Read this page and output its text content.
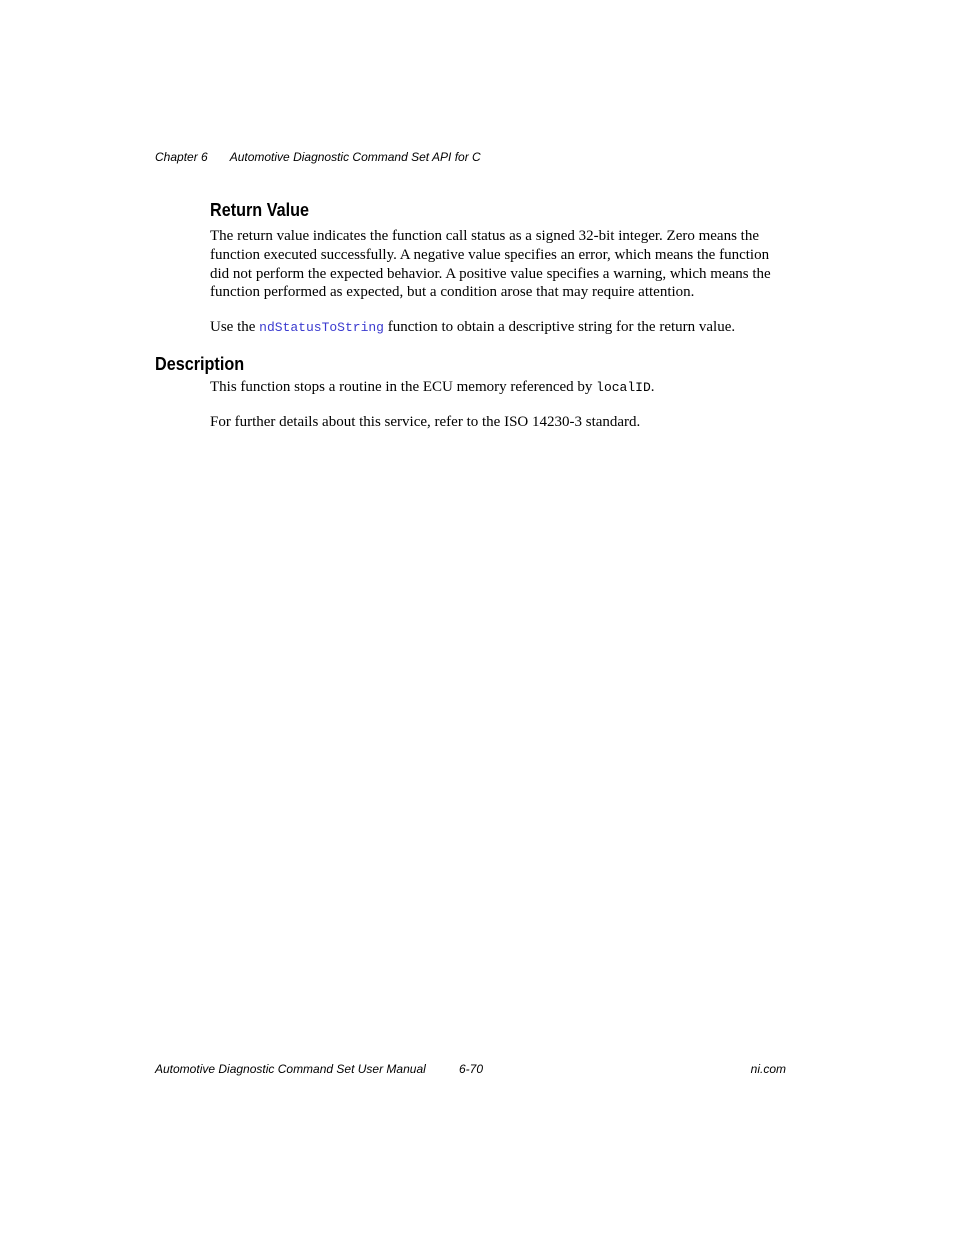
Chapter 6 Automotive Diagnostic Command Set API for C
Return Value

The return value indicates the function call status as a signed 32-bit integer. Zero means the function executed successfully. A negative value specifies an error, which means the function did not perform the expected behavior. A positive value specifies a warning, which means the function performed as expected, but a condition arose that may require attention.

Use the ndStatusToString function to obtain a descriptive string for the return value.

Description

This function stops a routine in the ECU memory referenced by localID.

For further details about this service, refer to the ISO 14230-3 standard.

Automotive Diagnostic Command Set User Manual	6-70	ni.com
